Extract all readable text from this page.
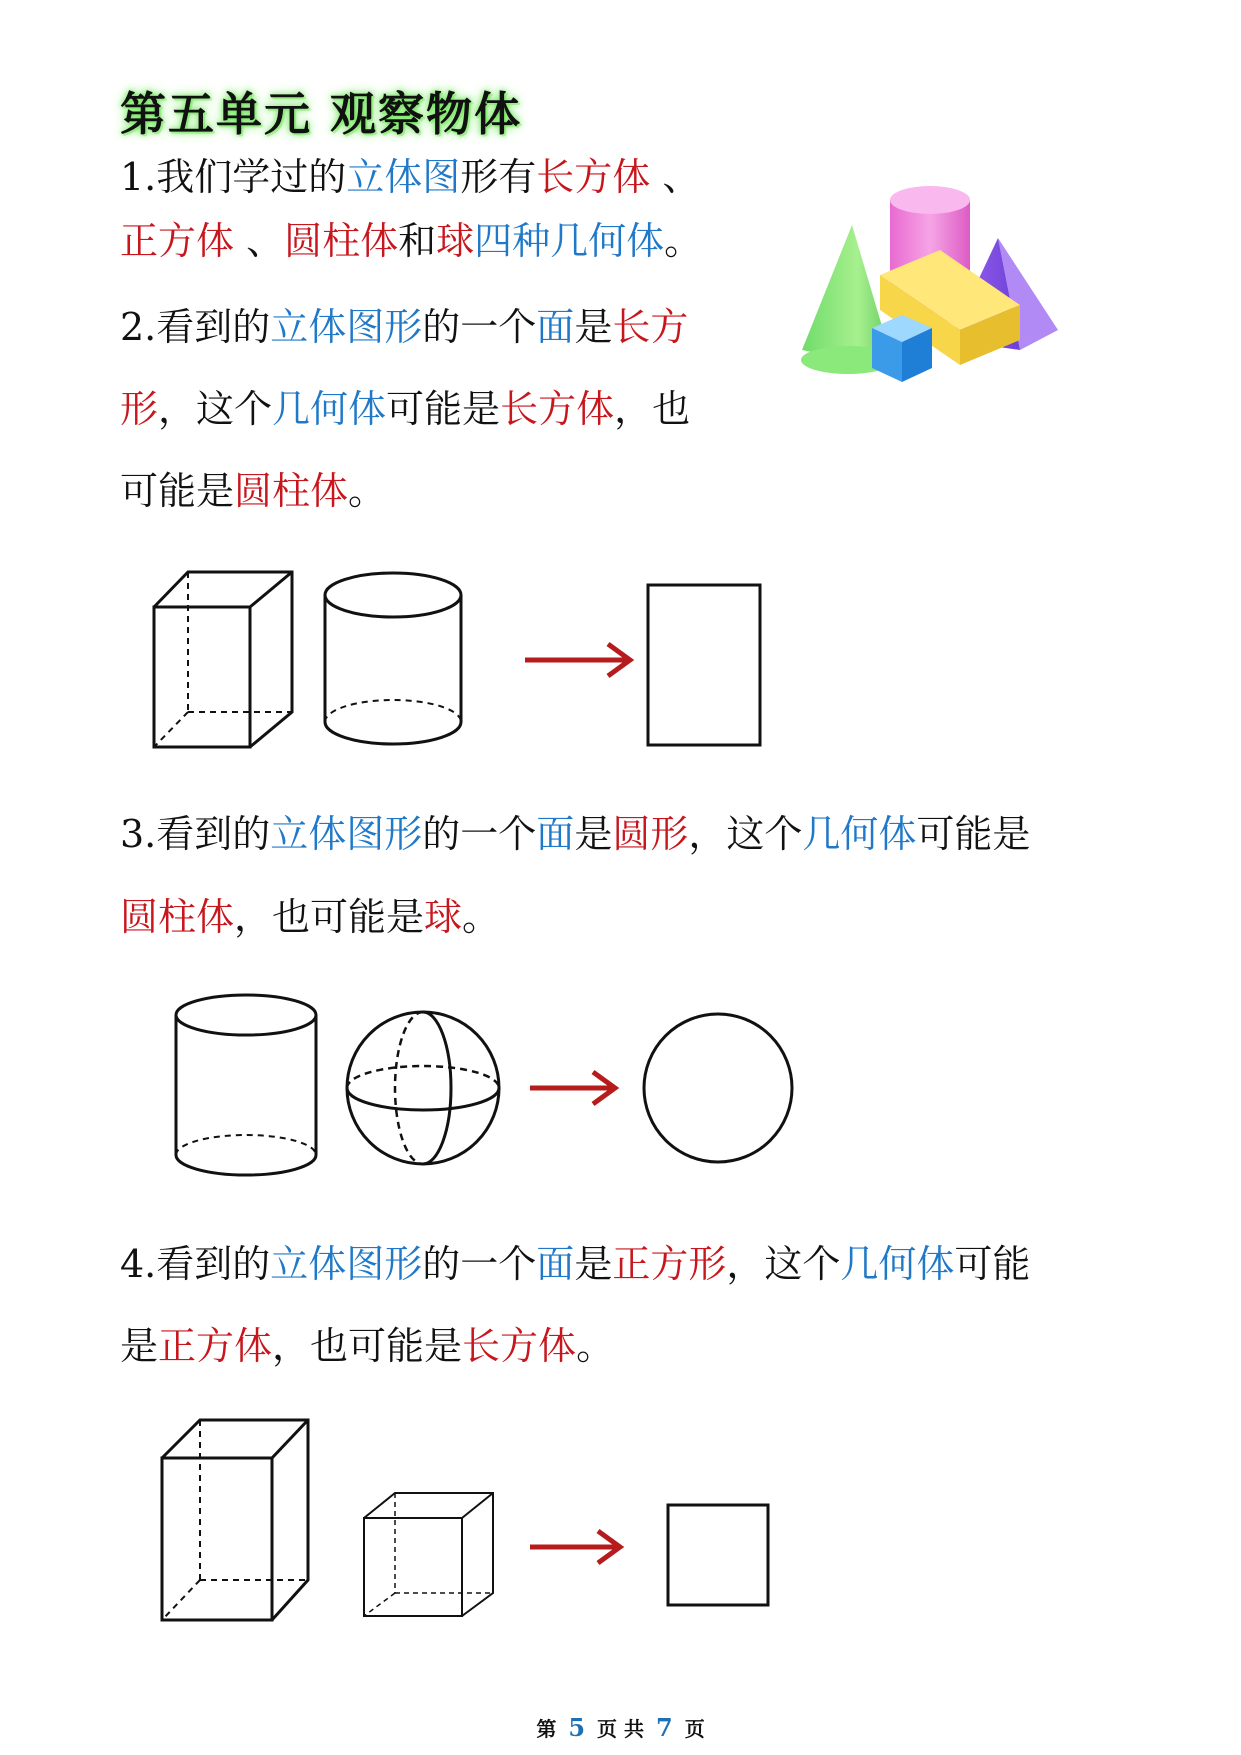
第五单元 观察物体
1.我们学过的立体图形有长方体 、
正方体 、圆柱体和球四种几何体。
2.看到的立体图形的一个面是长方
形，这个几何体可能是长方体，也
可能是圆柱体。
3.看到的立体图形的一个面是圆形，这个几何体可能是
圆柱体，也可能是球。
4.看到的立体图形的一个面是正方形，这个几何体可能
是正方体，也可能是长方体。
第 5 页 共 7 页
